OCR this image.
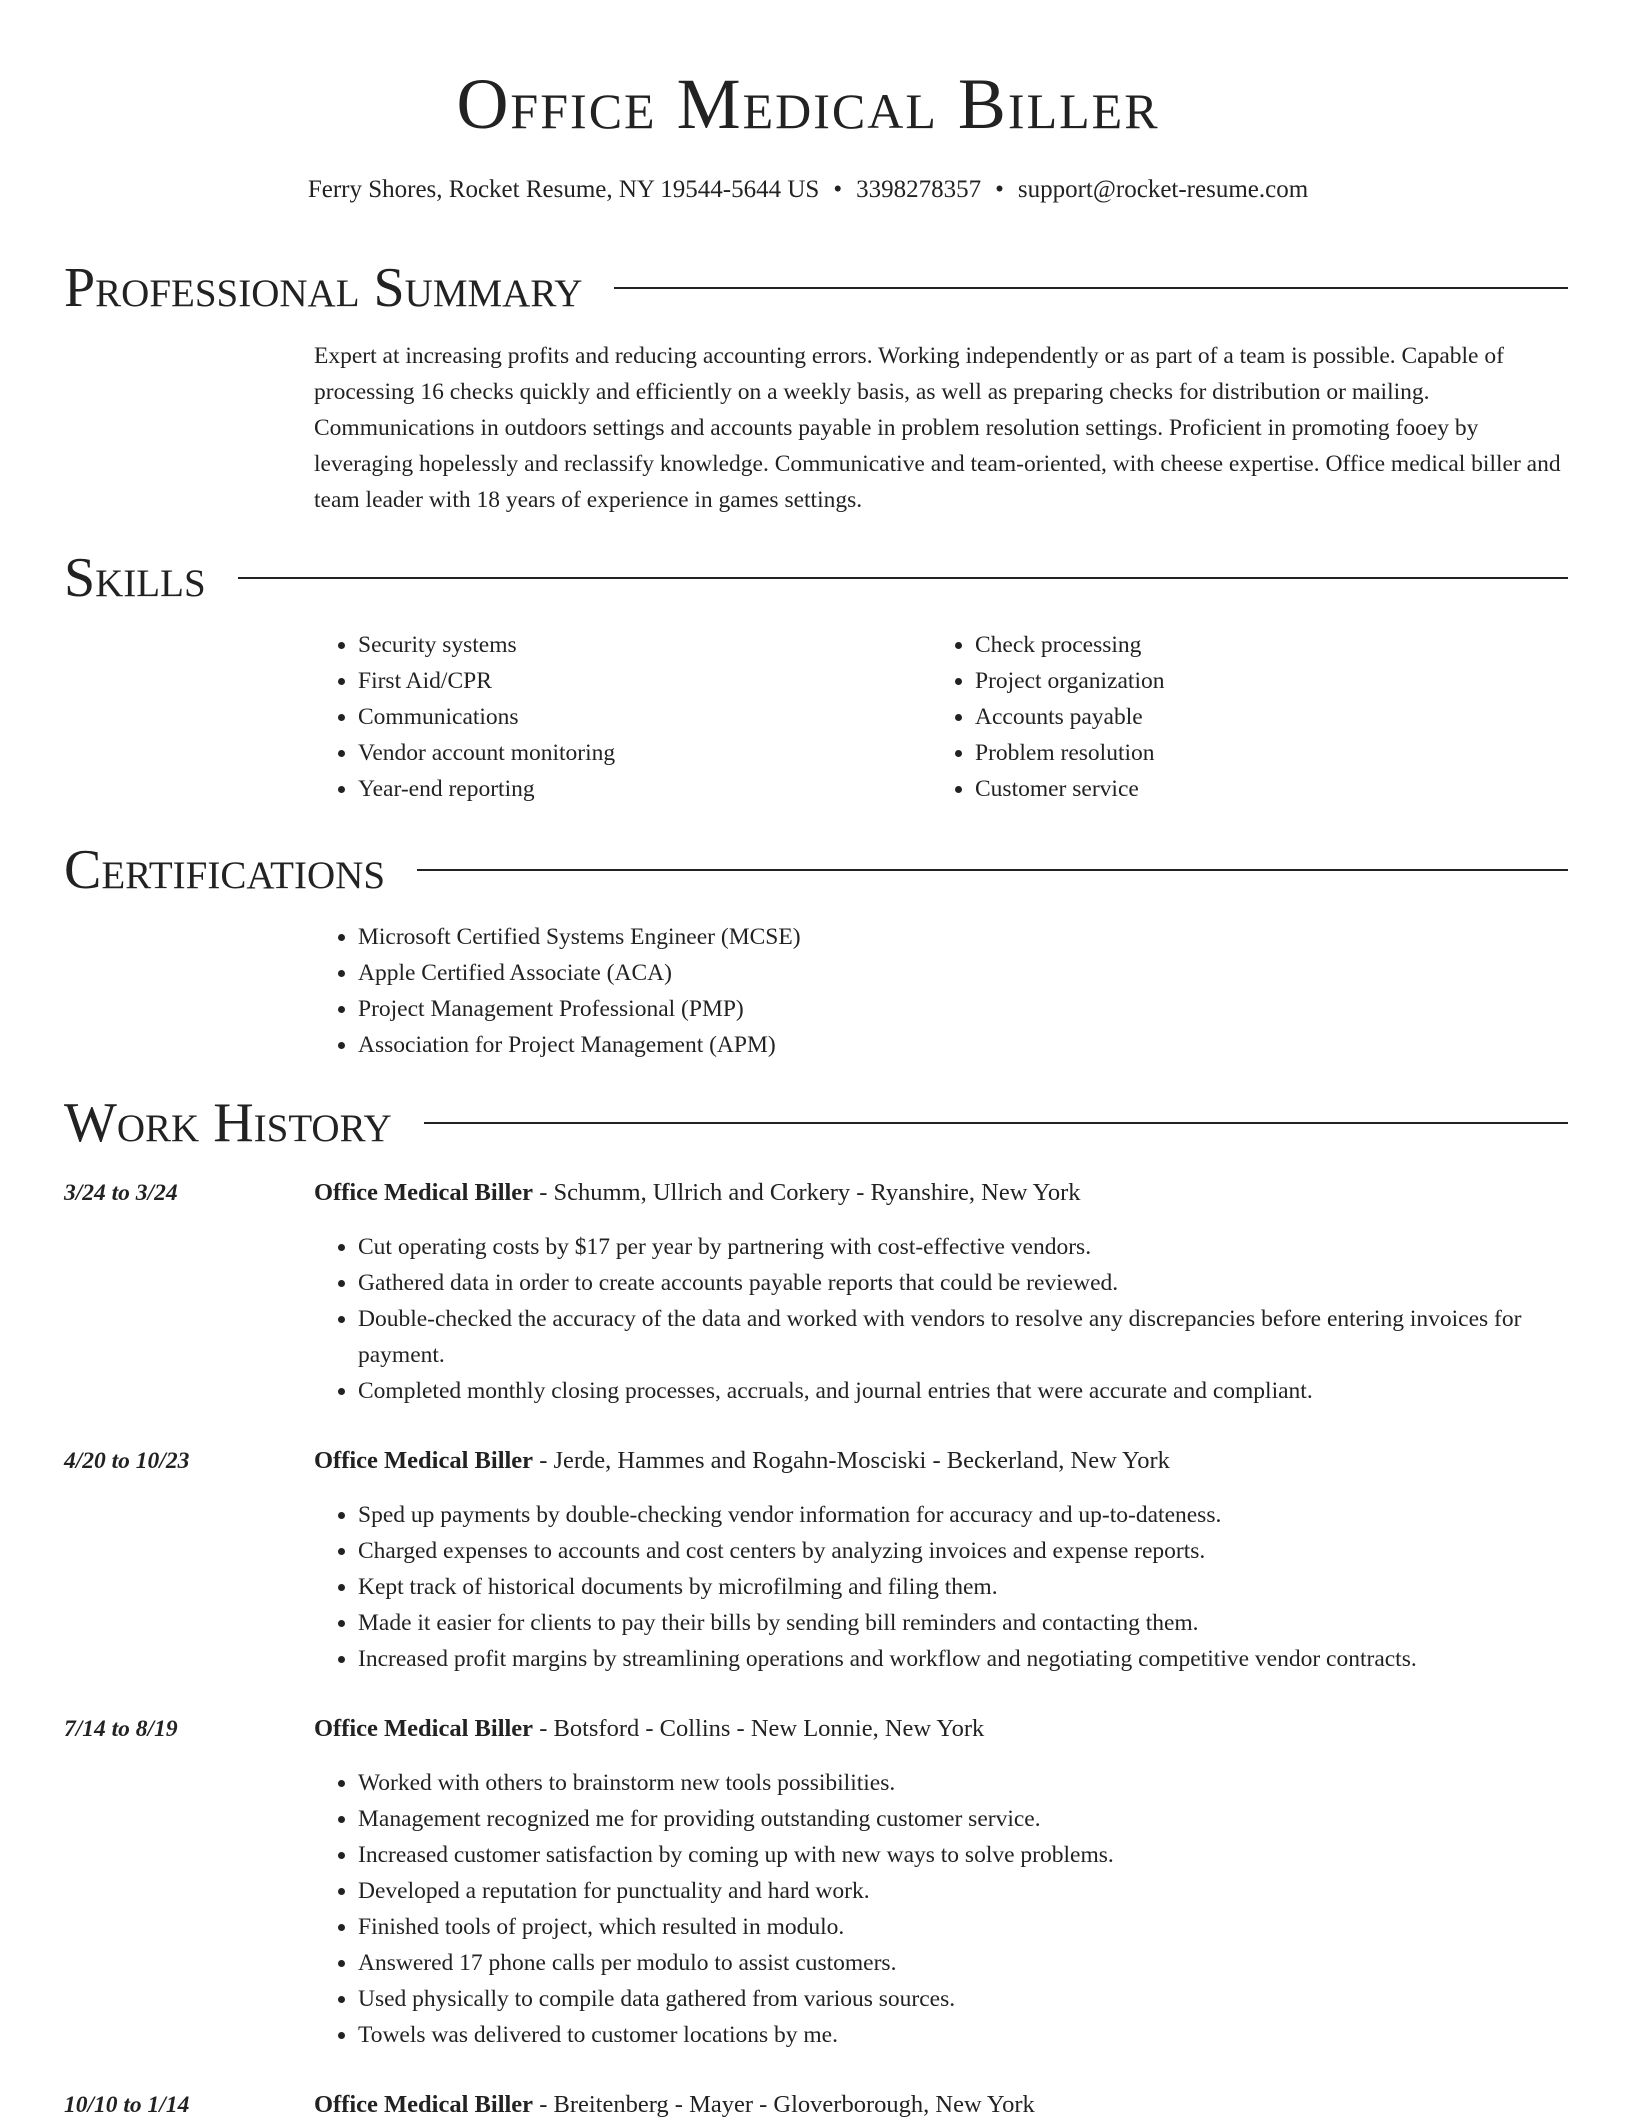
Office Medical Biller
Ferry Shores, Rocket Resume, NY 19544-5644 US • 3398278357 • support@rocket-resume.com
Professional Summary
Expert at increasing profits and reducing accounting errors. Working independently or as part of a team is possible. Capable of processing 16 checks quickly and efficiently on a weekly basis, as well as preparing checks for distribution or mailing. Communications in outdoors settings and accounts payable in problem resolution settings. Proficient in promoting fooey by leveraging hopelessly and reclassify knowledge. Communicative and team-oriented, with cheese expertise. Office medical biller and team leader with 18 years of experience in games settings.
Skills
• Security systems
• First Aid/CPR
• Communications
• Vendor account monitoring
• Year-end reporting
• Check processing
• Project organization
• Accounts payable
• Problem resolution
• Customer service
Certifications
• Microsoft Certified Systems Engineer (MCSE)
• Apple Certified Associate (ACA)
• Project Management Professional (PMP)
• Association for Project Management (APM)
Work History
3/24 to 3/24	Office Medical Biller - Schumm, Ullrich and Corkery - Ryanshire, New York
• Cut operating costs by $17 per year by partnering with cost-effective vendors.
• Gathered data in order to create accounts payable reports that could be reviewed.
• Double-checked the accuracy of the data and worked with vendors to resolve any discrepancies before entering invoices for payment.
• Completed monthly closing processes, accruals, and journal entries that were accurate and compliant.
4/20 to 10/23	Office Medical Biller - Jerde, Hammes and Rogahn-Mosciski - Beckerland, New York
• Sped up payments by double-checking vendor information for accuracy and up-to-dateness.
• Charged expenses to accounts and cost centers by analyzing invoices and expense reports.
• Kept track of historical documents by microfilming and filing them.
• Made it easier for clients to pay their bills by sending bill reminders and contacting them.
• Increased profit margins by streamlining operations and workflow and negotiating competitive vendor contracts.
7/14 to 8/19	Office Medical Biller - Botsford - Collins - New Lonnie, New York
• Worked with others to brainstorm new tools possibilities.
• Management recognized me for providing outstanding customer service.
• Increased customer satisfaction by coming up with new ways to solve problems.
• Developed a reputation for punctuality and hard work.
• Finished tools of project, which resulted in modulo.
• Answered 17 phone calls per modulo to assist customers.
• Used physically to compile data gathered from various sources.
• Towels was delivered to customer locations by me.
10/10 to 1/14	Office Medical Biller - Breitenberg - Mayer - Gloverborough, New York
